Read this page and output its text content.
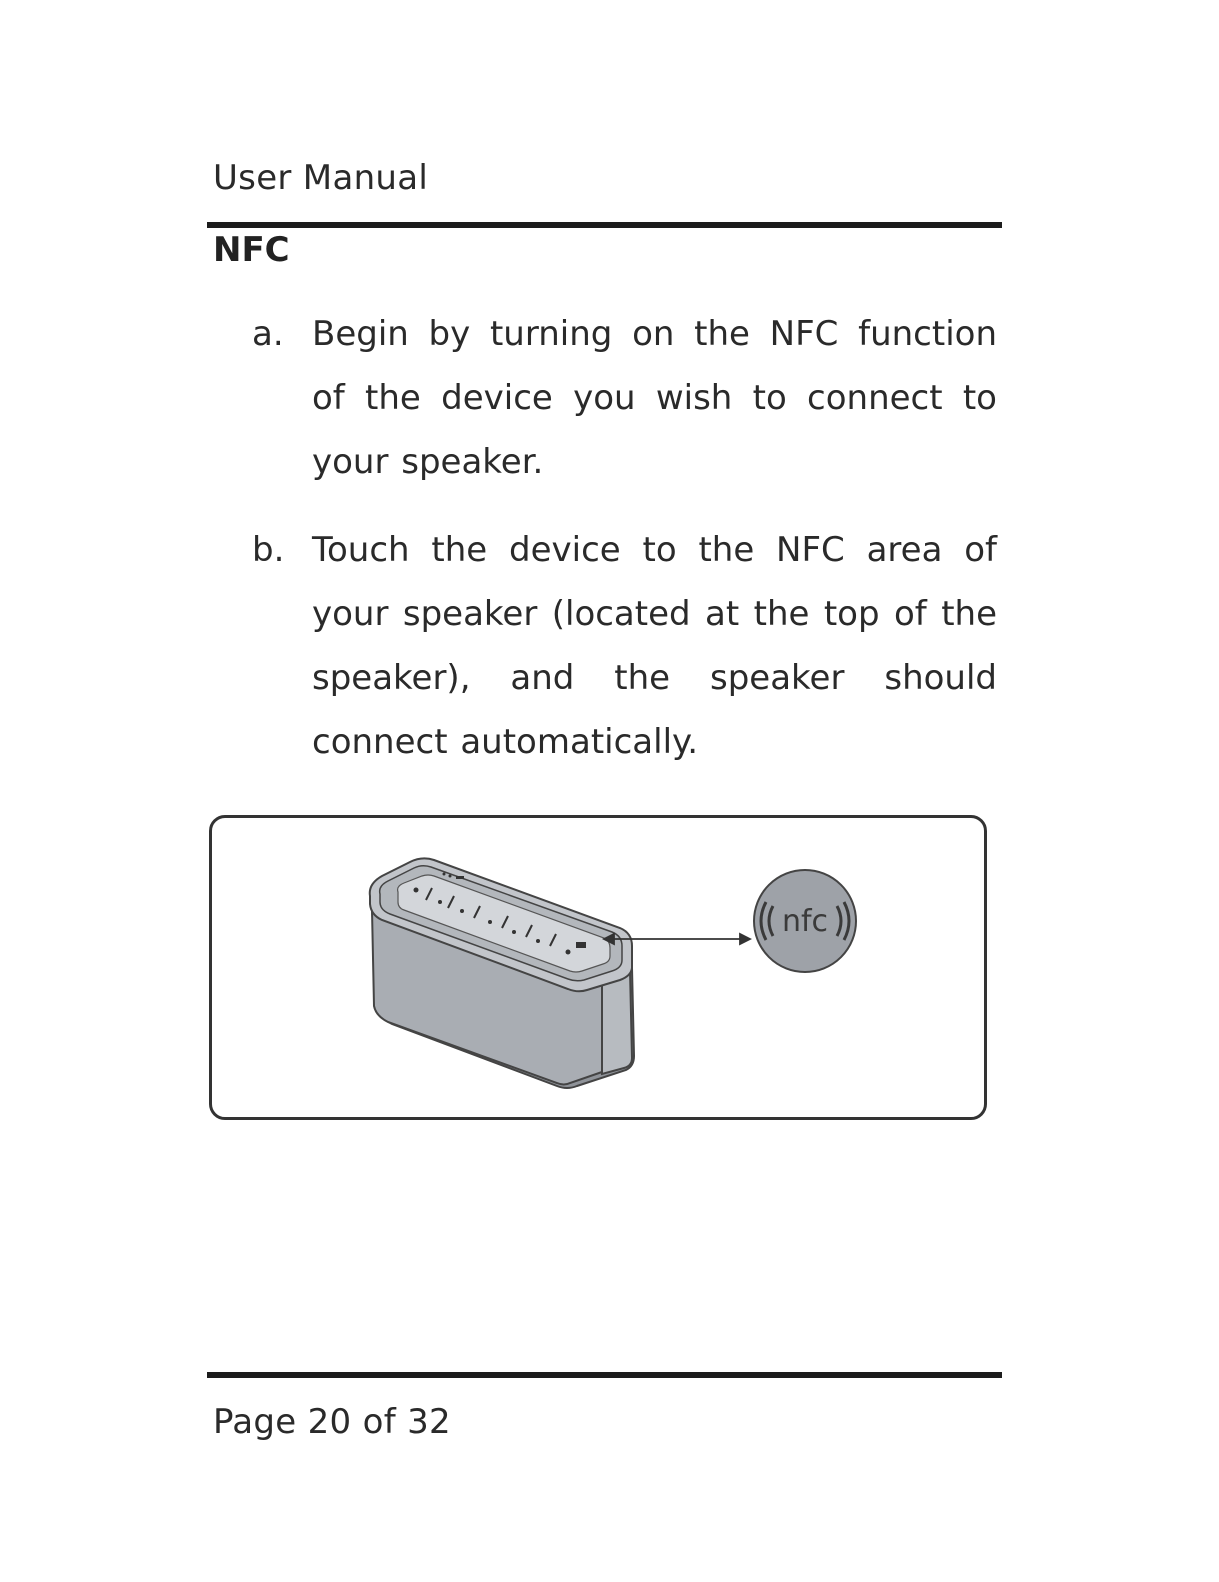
User Manual
NFC
a. Begin by turning on the NFC function of the device you wish to connect to your speaker.
b. Touch the device to the NFC area of your speaker (located at the top of the speaker), and the speaker should connect automatically.
nfc
Page 20 of 32
